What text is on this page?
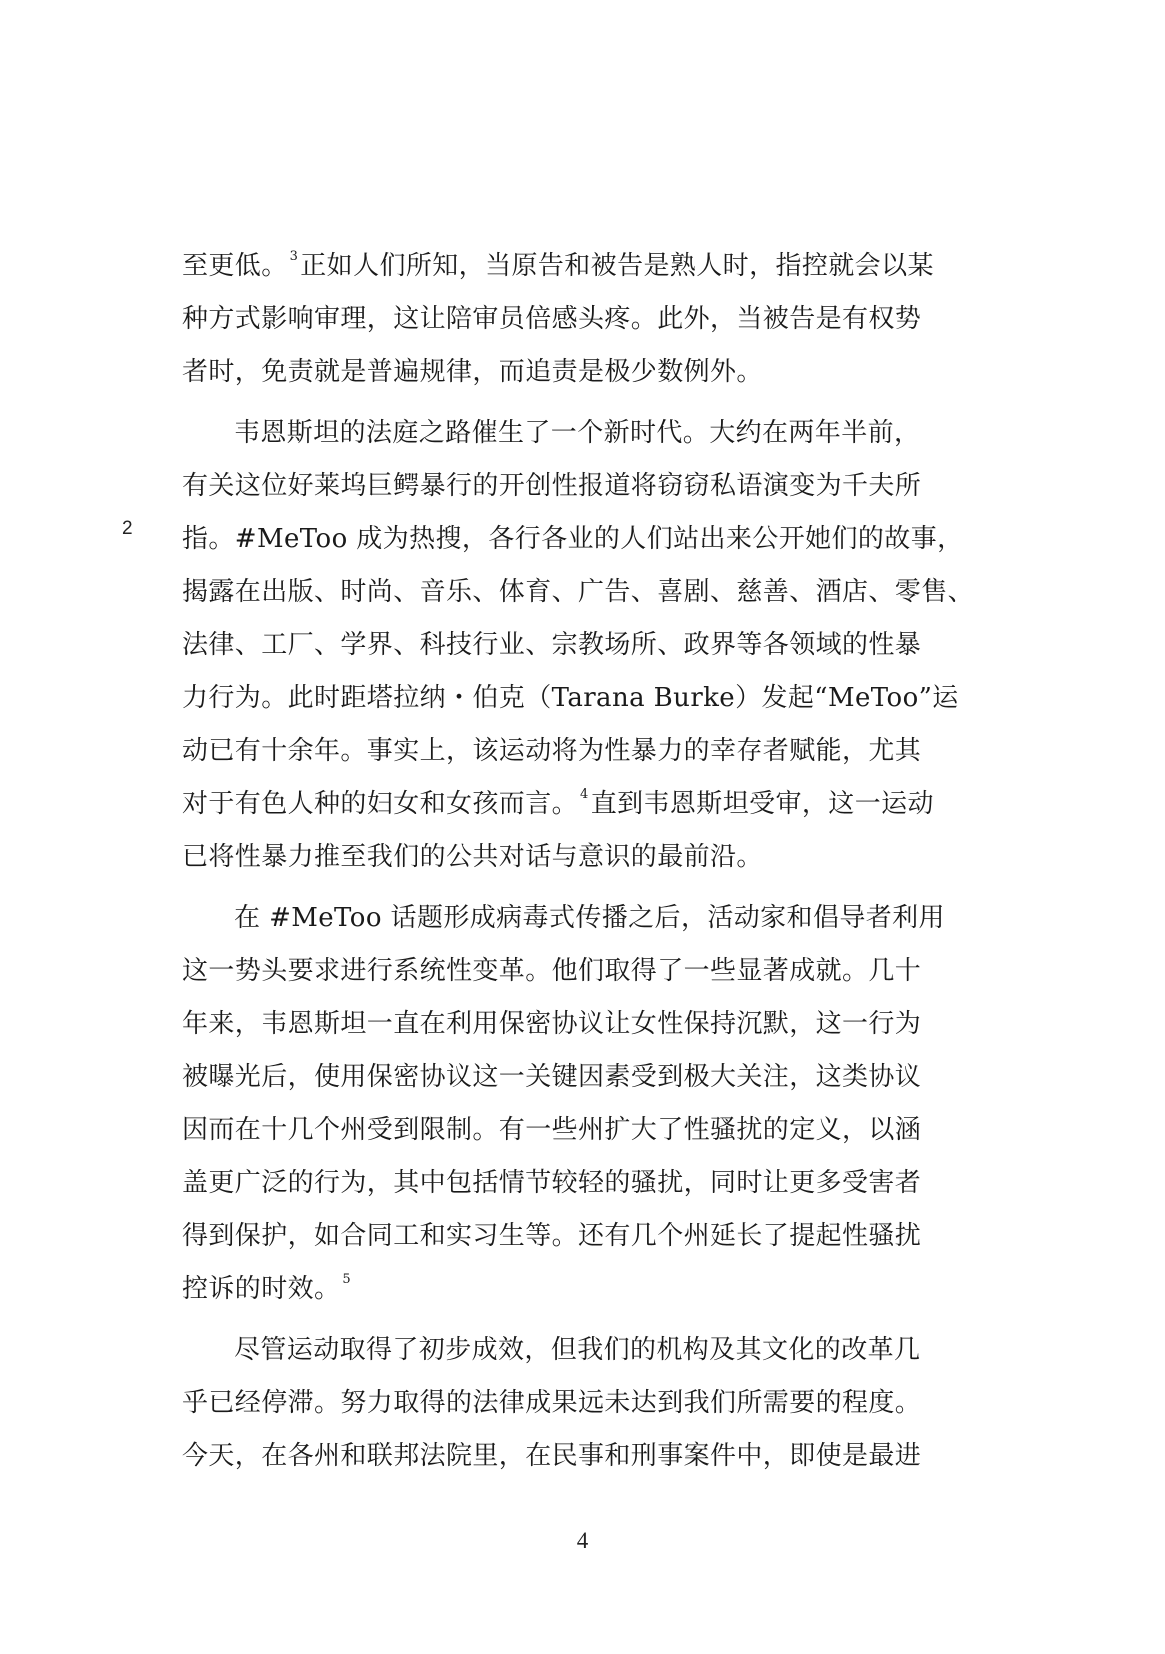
2
至更低。 $^3$正如人们所知，当原告和被告是熟人时，指控就会以某
种方式影响审理，这让陪审员倍感头疼。此外，当被告是有权势
者时，免责就是普遍规律，而追责是极少数例外。
韦恩斯坦的法庭之路催生了一个新时代。大约在两年半前，
有关这位好莱坞巨鳄暴行的开创性报道将窃窃私语演变为千夫所
指。#MeToo 成为热搜，各行各业的人们站出来公开她们的故事，
揭露在出版、时尚、音乐、体育、广告、喜剧、慈善、酒店、零售、
法律、工厂、学界、科技行业、宗教场所、政界等各领域的性暴
力行为。此时距塔拉纳・伯克（Tarana Burke）发起“MeToo”运
动已有十余年。事实上，该运动将为性暴力的幸存者赋能，尤其
对于有色人种的妇女和女孩而言。 $^4$直到韦恩斯坦受审，这一运动
已将性暴力推至我们的公共对话与意识的最前沿。
在 #MeToo 话题形成病毒式传播之后，活动家和倡导者利用
这一势头要求进行系统性变革。他们取得了一些显著成就。几十
年来，韦恩斯坦一直在利用保密协议让女性保持沉默，这一行为
被曝光后，使用保密协议这一关键因素受到极大关注，这类协议
因而在十几个州受到限制。有一些州扩大了性骚扰的定义，以涵
盖更广泛的行为，其中包括情节较轻的骚扰，同时让更多受害者
得到保护，如合同工和实习生等。还有几个州延长了提起性骚扰
控诉的时效。 $^5$
尽管运动取得了初步成效，但我们的机构及其文化的改革几
乎已经停滞。努力取得的法律成果远未达到我们所需要的程度。
今天，在各州和联邦法院里，在民事和刑事案件中，即使是最进
4
